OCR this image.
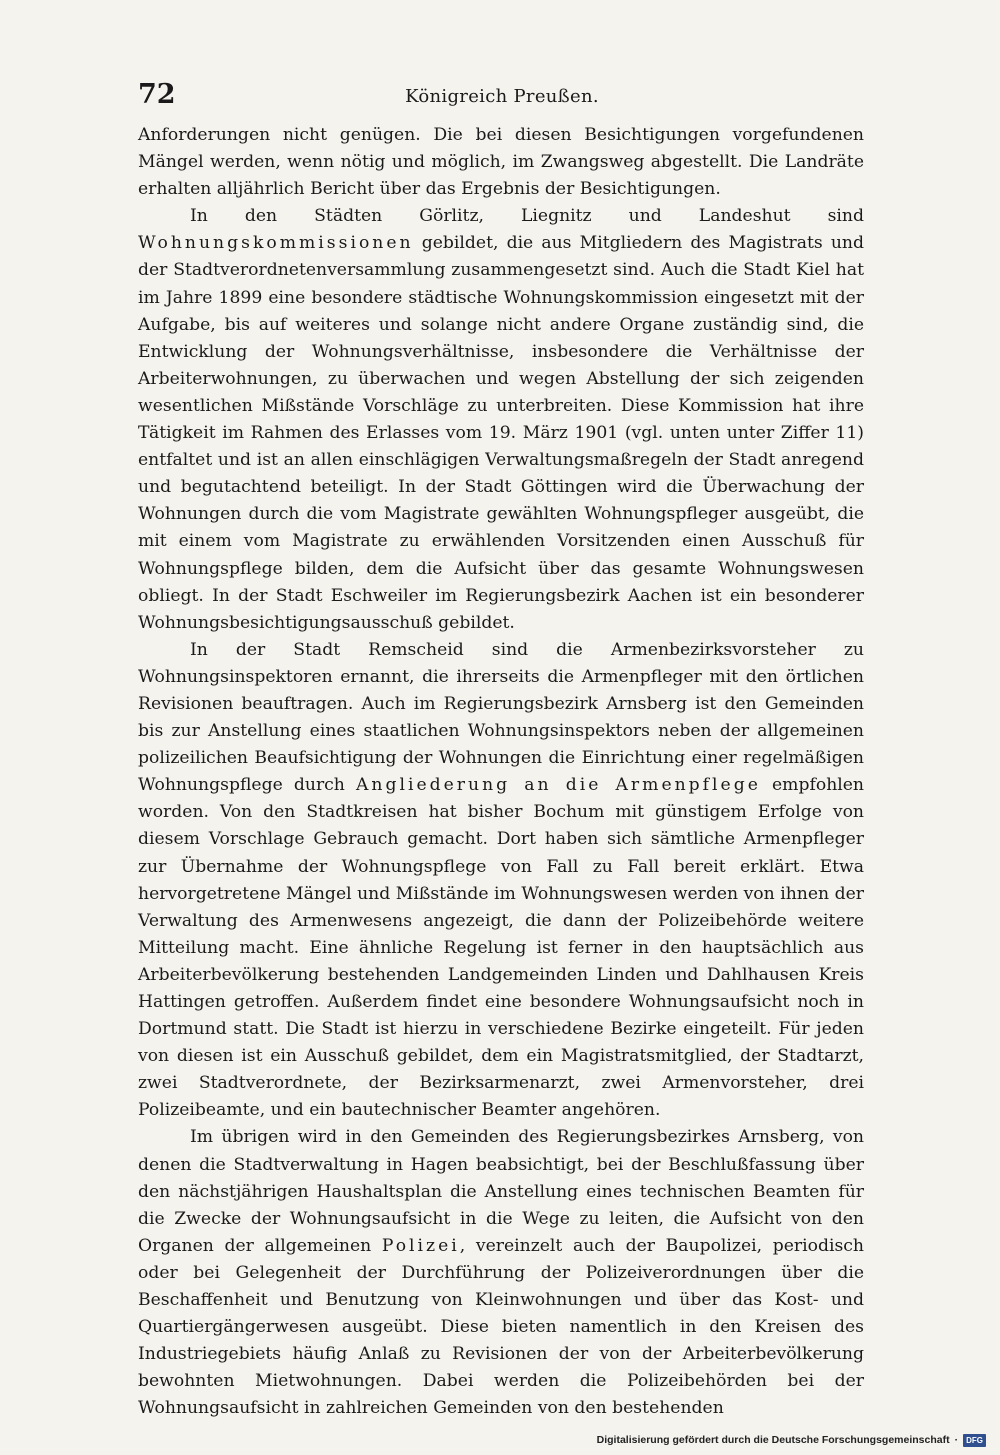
72	Königreich Preußen.

Anforderungen nicht genügen. Die bei diesen Besichtigungen vorgefundenen Mängel werden, wenn nötig und möglich, im Zwangsweg abgestellt. Die Landräte erhalten alljährlich Bericht über das Ergebnis der Besichtigungen.

In den Städten Görlitz, Liegnitz und Landeshut sind Wohnungskommissionen gebildet, die aus Mitgliedern des Magistrats und der Stadtverordnetenversammlung zusammengesetzt sind. Auch die Stadt Kiel hat im Jahre 1899 eine besondere städtische Wohnungskommission eingesetzt mit der Aufgabe, bis auf weiteres und solange nicht andere Organe zuständig sind, die Entwicklung der Wohnungsverhältnisse, insbesondere die Verhältnisse der Arbeiterwohnungen, zu überwachen und wegen Abstellung der sich zeigenden wesentlichen Mißstände Vorschläge zu unterbreiten. Diese Kommission hat ihre Tätigkeit im Rahmen des Erlasses vom 19. März 1901 (vgl. unten unter Ziffer 11) entfaltet und ist an allen einschlägigen Verwaltungsmaßregeln der Stadt anregend und begutachtend beteiligt. In der Stadt Göttingen wird die Überwachung der Wohnungen durch die vom Magistrate gewählten Wohnungspfleger ausgeübt, die mit einem vom Magistrate zu erwählenden Vorsitzenden einen Ausschuß für Wohnungspflege bilden, dem die Aufsicht über das gesamte Wohnungswesen obliegt. In der Stadt Eschweiler im Regierungsbezirk Aachen ist ein besonderer Wohnungsbesichtigungsausschuß gebildet.

In der Stadt Remscheid sind die Armenbezirksvorsteher zu Wohnungsinspektoren ernannt, die ihrerseits die Armenpfleger mit den örtlichen Revisionen beauftragen. Auch im Regierungsbezirk Arnsberg ist den Gemeinden bis zur Anstellung eines staatlichen Wohnungsinspektors neben der allgemeinen polizeilichen Beaufsichtigung der Wohnungen die Einrichtung einer regelmäßigen Wohnungspflege durch Angliederung an die Armenpflege empfohlen worden. Von den Stadtkreisen hat bisher Bochum mit günstigem Erfolge von diesem Vorschlage Gebrauch gemacht. Dort haben sich sämtliche Armenpfleger zur Übernahme der Wohnungspflege von Fall zu Fall bereit erklärt. Etwa hervorgetretene Mängel und Mißstände im Wohnungswesen werden von ihnen der Verwaltung des Armenwesens angezeigt, die dann der Polizeibehörde weitere Mitteilung macht. Eine ähnliche Regelung ist ferner in den hauptsächlich aus Arbeiterbevölkerung bestehenden Landgemeinden Linden und Dahlhausen Kreis Hattingen getroffen. Außerdem findet eine besondere Wohnungsaufsicht noch in Dortmund statt. Die Stadt ist hierzu in verschiedene Bezirke eingeteilt. Für jeden von diesen ist ein Ausschuß gebildet, dem ein Magistratsmitglied, der Stadtarzt, zwei Stadtverordnete, der Bezirksarmenarzt, zwei Armenvorsteher, drei Polizeibeamte, und ein bautechnischer Beamter angehören.

Im übrigen wird in den Gemeinden des Regierungsbezirkes Arnsberg, von denen die Stadtverwaltung in Hagen beabsichtigt, bei der Beschlußfassung über den nächstjährigen Haushaltsplan die Anstellung eines technischen Beamten für die Zwecke der Wohnungsaufsicht in die Wege zu leiten, die Aufsicht von den Organen der allgemeinen Polizei, vereinzelt auch der Baupolizei, periodisch oder bei Gelegenheit der Durchführung der Polizeiverordnungen über die Beschaffenheit und Benutzung von Kleinwohnungen und über das Kost- und Quartiergängerwesen ausgeübt. Diese bieten namentlich in den Kreisen des Industriegebiets häufig Anlaß zu Revisionen der von der Arbeiterbevölkerung bewohnten Mietwohnungen. Dabei werden die Polizeibehörden bei der Wohnungsaufsicht in zahlreichen Gemeinden von den bestehenden

Digitalisierung gefördert durch die Deutsche Forschungsgemeinschaft ·	DFG
